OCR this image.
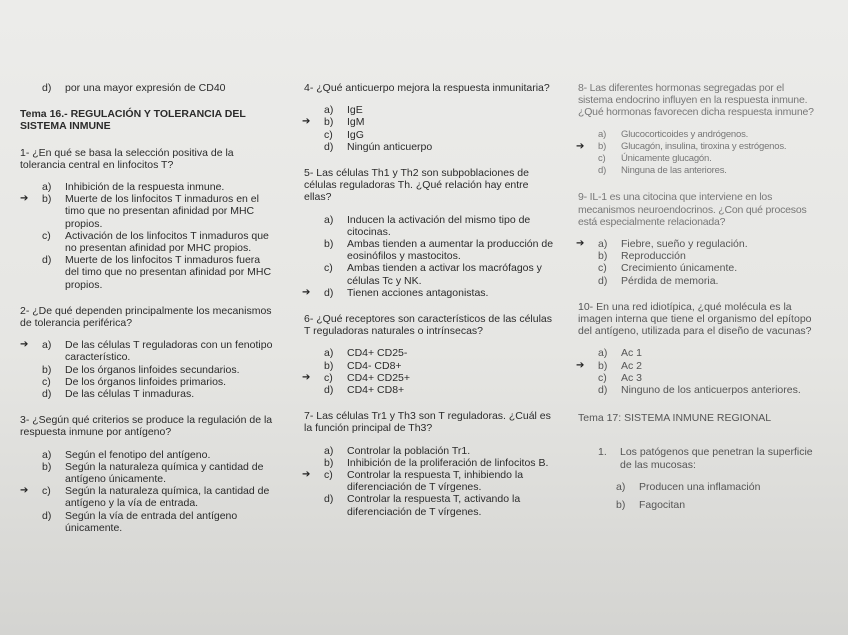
d) por una mayor expresión de CD40
Tema 16.- REGULACIÓN Y TOLERANCIA DEL
SISTEMA INMUNE
1- ¿En qué se basa la selección positiva de la tolerancia central en linfocitos T?
a) Inhibición de la respuesta inmune.
➔ b) Muerte de los linfocitos T inmaduros en el timo que no presentan afinidad por MHC propios.
c) Activación de los linfocitos T inmaduros que no presentan afinidad por MHC propios.
d) Muerte de los linfocitos T inmaduros fuera del timo que no presentan afinidad por MHC propios.
2- ¿De qué dependen principalmente los mecanismos de tolerancia periférica?
➔ a) De las células T reguladoras con un fenotipo característico.
b) De los órganos linfoides secundarios.
c) De los órganos linfoides primarios.
d) De las células T inmaduras.
3- ¿Según qué criterios se produce la regulación de la respuesta inmune por antígeno?
a) Según el fenotipo del antígeno.
b) Según la naturaleza química y cantidad de antígeno únicamente.
➔ c) Según la naturaleza química, la cantidad de antígeno y la vía de entrada.
d) Según la vía de entrada del antígeno únicamente.
4- ¿Qué anticuerpo mejora la respuesta inmunitaria?
a) IgE
➔ b) IgM
c) IgG
d) Ningún anticuerpo
5- Las células Th1 y Th2 son subpoblaciones de células reguladoras Th. ¿Qué relación hay entre ellas?
a) Inducen la activación del mismo tipo de citocinas.
b) Ambas tienden a aumentar la producción de eosinófilos y mastocitos.
c) Ambas tienden a activar los macrófagos y células Tc y NK.
➔ d) Tienen acciones antagonistas.
6- ¿Qué receptores son característicos de las células T reguladoras naturales o intrínsecas?
a) CD4+ CD25-
b) CD4- CD8+
➔ c) CD4+ CD25+
d) CD4+ CD8+
7- Las células Tr1 y Th3 son T reguladoras. ¿Cuál es la función principal de Th3?
a) Controlar la población Tr1.
b) Inhibición de la proliferación de linfocitos B.
➔ c) Controlar la respuesta T, inhibiendo la diferenciación de T vírgenes.
d) Controlar la respuesta T, activando la diferenciación de T vírgenes.
8- Las diferentes hormonas segregadas por el sistema endocrino influyen en la respuesta inmune. ¿Qué hormonas favorecen dicha respuesta inmune?
a) Glucocorticoides y andrógenos.
➔ b) Glucagón, insulina, tiroxina y estrógenos.
c) Únicamente glucagón.
d) Ninguna de las anteriores.
9- IL-1 es una citocina que interviene en los mecanismos neuroendocrinos. ¿Con qué procesos está especialmente relacionada?
➔ a) Fiebre, sueño y regulación.
b) Reproducción
c) Crecimiento únicamente.
d) Pérdida de memoria.
10- En una red idiotípica, ¿qué molécula es la imagen interna que tiene el organismo del epítopo del antígeno, utilizada para el diseño de vacunas?
a) Ac 1
➔ b) Ac 2
c) Ac 3
d) Ninguno de los anticuerpos anteriores.
Tema 17: SISTEMA INMUNE REGIONAL
1. Los patógenos que penetran la superficie de las mucosas:
a) Producen una inflamación
b) Fagocitan
